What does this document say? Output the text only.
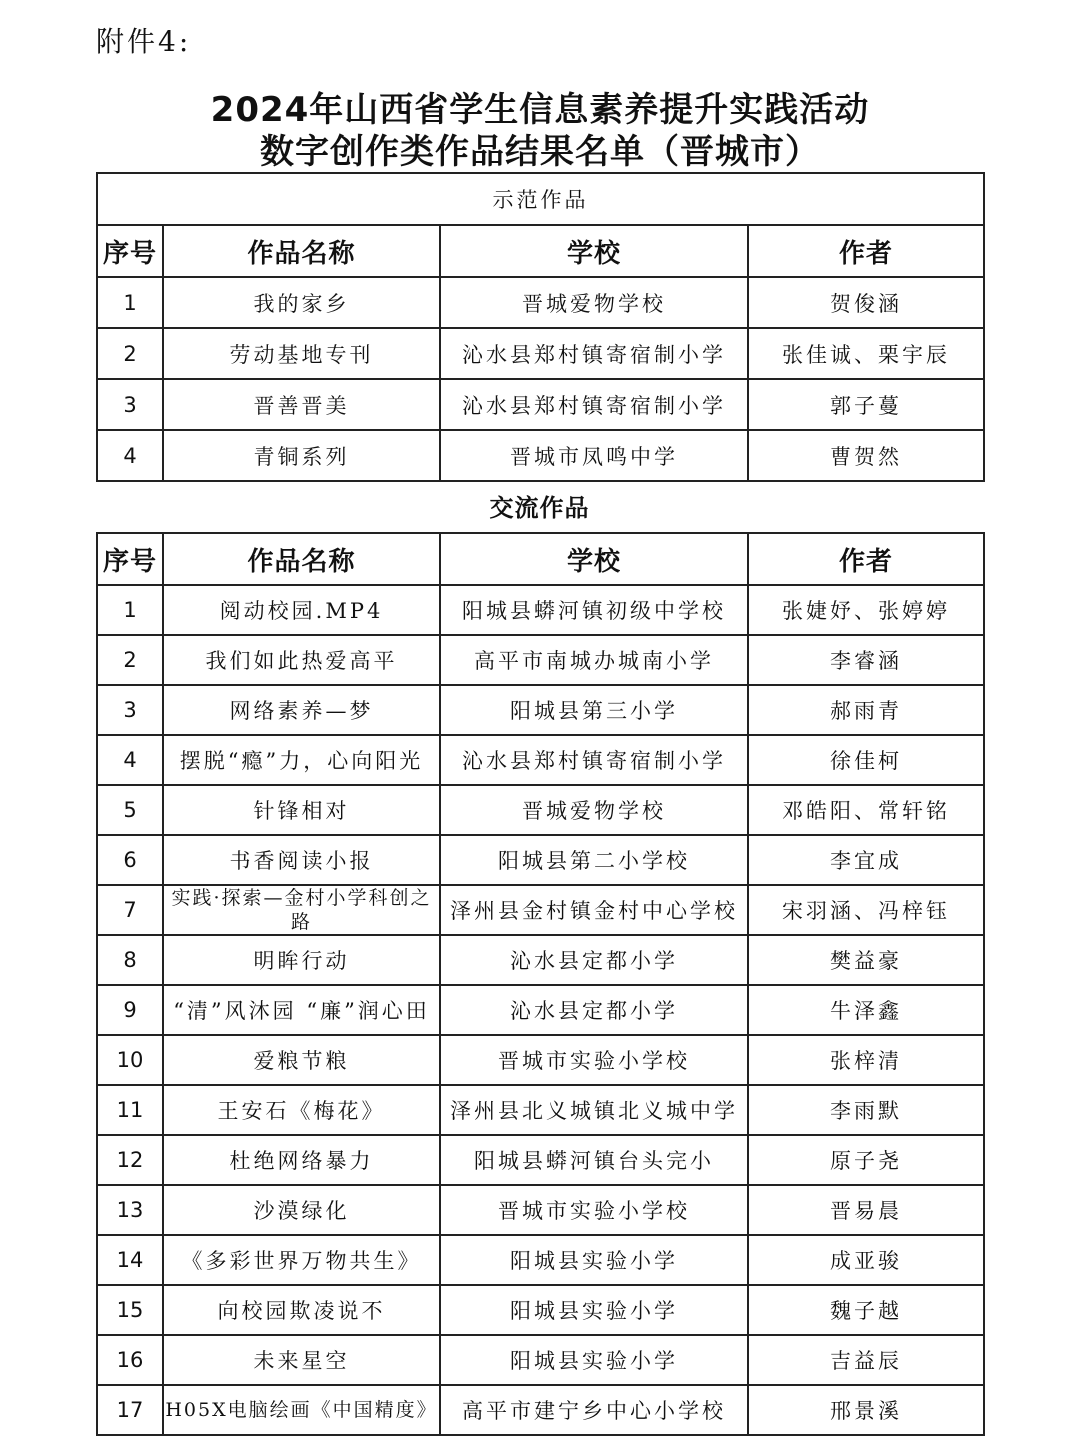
附件4:
2024年山西省学生信息素养提升实践活动
数字创作类作品结果名单（晋城市）
示范作品			
序号	作品名称	学校	作者
1	我的家乡	晋城爱物学校	贺俊涵
2	劳动基地专刊	沁水县郑村镇寄宿制小学	张佳诚、栗宇辰
3	晋善晋美	沁水县郑村镇寄宿制小学	郭子蔓
4	青铜系列	晋城市凤鸣中学	曹贺然
交流作品
序号	作品名称	学校	作者
1	阅动校园.MP4	阳城县蟒河镇初级中学校	张婕妤、张婷婷
2	我们如此热爱高平	高平市南城办城南小学	李睿涵
3	网络素养—梦	阳城县第三小学	郝雨青
4	摆脱“瘾”力，心向阳光	沁水县郑村镇寄宿制小学	徐佳柯
5	针锋相对	晋城爱物学校	邓皓阳、常轩铭
6	书香阅读小报	阳城县第二小学校	李宜成
7	实践·探索—金村小学科创之路	泽州县金村镇金村中心学校	宋羽涵、冯梓钰
8	明眸行动	沁水县定都小学	樊益豪
9	“清”风沐园 “廉”润心田	沁水县定都小学	牛泽鑫
10	爱粮节粮	晋城市实验小学校	张梓清
11	王安石《梅花》	泽州县北义城镇北义城中学	李雨默
12	杜绝网络暴力	阳城县蟒河镇台头完小	原子尧
13	沙漠绿化	晋城市实验小学校	晋易晨
14	《多彩世界万物共生》	阳城县实验小学	成亚骏
15	向校园欺凌说不	阳城县实验小学	魏子越
16	未来星空	阳城县实验小学	吉益辰
17	H05X电脑绘画《中国精度》	高平市建宁乡中心小学校	邢景溪
